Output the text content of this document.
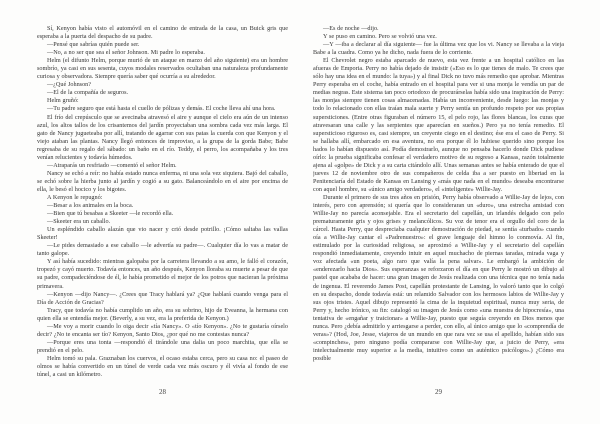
Sí, Kenyon había visto el automóvil en el camino de entrada de la casa, un Buick gris que esperaba a la puerta del despacho de su padre.

—Pensé que sabrías quién puede ser.

—No, a no ser que sea el señor Johnson. Mi padre lo esperaba.

Helm (el difunto Helm, porque murió de un ataque en marzo del año siguiente) era un hombre sombrío, ya casi en sus sesenta, cuyos modales reservados ocultaban una naturaleza profundamente curiosa y observadora. Siempre quería saber qué ocurría a su alrededor.

—¿Qué Johnson?

—El de la compañía de seguros.

Helm gruñó:

—Tu padre seguro que está hasta el cuello de pólizas y demás. El coche lleva ahí una hora.

El frío del crepúsculo que se avecinaba atravesó el aire y aunque el cielo era aún de un intenso azul, los altos tallos de los crisantemos del jardín proyectaban una sombra cada vez más larga. El gato de Nancy jugueteaba por allí, tratando de agarrar con sus patas la cuerda con que Kenyon y el viejo ataban las plantas. Nancy llegó entonces de improviso, a la grupa de la gorda Babe; Babe regresaba de su regalo del sábado: un baño en el río. Teddy, el perro, los acompañaba y los tres venían relucientes y todavía húmedos.

—Atraparás un resfriado —comentó el señor Helm.

Nancy se echó a reír: no había estado nunca enferma, ni una sola vez siquiera. Bajó del caballo, se echó sobre la hierba junto al jardín y cogió a su gato. Balanceándolo en el aire por encima de ella, le besó el hocico y los bigotes.

A Kenyon le repugnó:

—Besar a los animales en la boca.

—Bien que tú besabas a Skeeter —le recordó ella.

—Skeeter era un caballo.

Un espléndido caballo alazán que vio nacer y crió desde potrillo. ¡Cómo saltaba las vallas Skeeter!

—Le pides demasiado a ese caballo —le advertía su padre—. Cualquier día lo vas a matar de tanto galope.

Y así había sucedido: mientras galopaba por la carretera llevando a su amo, le falló el corazón, tropezó y cayó muerto. Todavía entonces, un año después, Kenyon lloraba su muerte a pesar de que su padre, compadeciéndose de él, le había prometido el mejor de los potros que nacieran la próxima primavera.

—Kenyon —dijo Nancy—. ¿Crees que Tracy hablará ya? ¿Que hablará cuando venga para el Día de Acción de Gracias?

Tracy, que todavía no había cumplido un año, era su sobrino, hijo de Eveanna, la hermana con quien ella se entendía mejor. (Beverly, a su vez, era la preferida de Kenyon.)

—Me voy a morir cuando lo oiga decir «tía Nancy». O «tío Kenyon». ¿No te gustaría oírselo decir? ¿No te encanta ser tío? Kenyon, Santo Dios, ¿por qué no me contestas nunca?

—Porque eres una tonta —respondió él tirándole una dalia un poco marchita, que ella se prendió en el pelo.

Helm tomó su pala. Graznaban los cuervos, el ocaso estaba cerca, pero su casa no: el paseo de olmos se había convertido en un túnel de verde cada vez más oscuro y él vivía al fondo de ese túnel, a casi un kilómetro.

28

—Es de noche —dijo.

Y se puso en camino. Pero se volvió una vez.

—Y —iba a declarar al día siguiente— fue la última vez que los vi. Nancy se llevaba a la vieja Babe a la cuadra. Como ya he dicho, nada fuera de lo corriente.

El Chevrolet negro estaba aparcado de nuevo, esta vez frente a un hospital católico en las afueras de Emporia. Perry no había dejado de insistir («Eso es lo que tienes de malo. Te crees que sólo hay una idea en el mundo: la tuya») y al final Dick no tuvo más remedio que aprobar. Mientras Perry esperaba en el coche, había entrado en el hospital para ver si una monja le vendía un par de medias negras. Este sistema tan poco ortodoxo de procurárselas había sido una inspiración de Perry: las monjas siempre tienen cosas almacenadas. Había un inconveniente, desde luego: las monjas y todo lo relacionado con ellas traían mala suerte y Perry sentía un profundo respeto por sus propias supersticiones. (Entre otras figuraban el número 15, el pelo rojo, las flores blancas, los curas que atravesaran una calle y las serpientes que aparecían en sueños.) Pero ya no tenía remedio. El supersticioso riguroso es, casi siempre, un creyente ciego en el destino; ése era el caso de Perry. Si se hallaba allí, embarcado en esa aventura, no era porque él lo hubiese querido sino porque los hados lo habían dispuesto así. Podía demostrarlo, aunque no pensaba hacerlo donde Dick pudiese oírlo: la prueba significaba confesar el verdadero motivo de su regreso a Kansas, razón totalmente ajena al «golpe» de Dick y a su carta citándolo allí. Unas semanas antes se había enterado de que el jueves 12 de noviembre otro de sus compañeros de celda iba a ser puesto en libertad en la Penitenciaría del Estado de Kansas en Lansing y «más que nada en el mundo» deseaba encontrarse con aquel hombre, su «único amigo verdadero», el «inteligente» Willie-Jay.

Durante el primero de sus tres años en prisión, Perry había observado a Willie-Jay de lejos, con interés, pero con aprensión; si quería que lo consideraran un «duro», una estrecha amistad con Willie-Jay no parecía aconsejable. Era el secretario del capellán, un irlandés delgado con pelo prematuramente gris y ojos grises y melancólicos. Su voz de tenor era el orgullo del coro de la cárcel. Hasta Perry, que despreciaba cualquier demostración de piedad, se sentía «turbado» cuando oía a Willie-Jay cantar el «Padrenuestro»: el grave lenguaje del himno lo conmovía. Al fin, estimulado por la curiosidad religiosa, se aproximó a Willie-Jay y el secretario del capellán respondió inmediatamente, creyendo intuir en aquel muchacho de piernas taradas, mirada vaga y voz afectada «un poeta, algo raro que valía la pena salvar». Le embargó la ambición de «enderezarlo hacia Dios». Sus esperanzas se reforzaron el día en que Perry le mostró un dibujo al pastel que acababa de hacer: una gran imagen de Jesús realizada con una técnica que no tenía nada de ingenua. El reverendo James Post, capellán protestante de Lansing, lo valoró tanto que lo colgó en su despacho, donde todavía está: un relamido Salvador con los hermosos labios de Willie-Jay y sus ojos tristes. Aquel dibujo representó la cima de la inquietud espiritual, nunca muy seria, de Perry y, hecho irónico, su fin: catalogó su imagen de Jesús como «una muestra de hipocresía», una tentativa de «engañar y traicionar» a Willie-Jay, puesto que seguía creyendo en Dios menos que nunca. Pero ¿debía admitirlo y arriesgarse a perder, con ello, al único amigo que lo «comprendía de veras»? (Hod, Joe, Jesse, viajeros de un mundo en que rara vez se usa el apellido, habían sido sus «compinches», pero ninguno podía compararse con Willie-Jay que, a juicio de Perry, «era intelectualmente muy superior a la media, intuitivo como un auténtico psicólogo».) ¿Cómo era posible

29
